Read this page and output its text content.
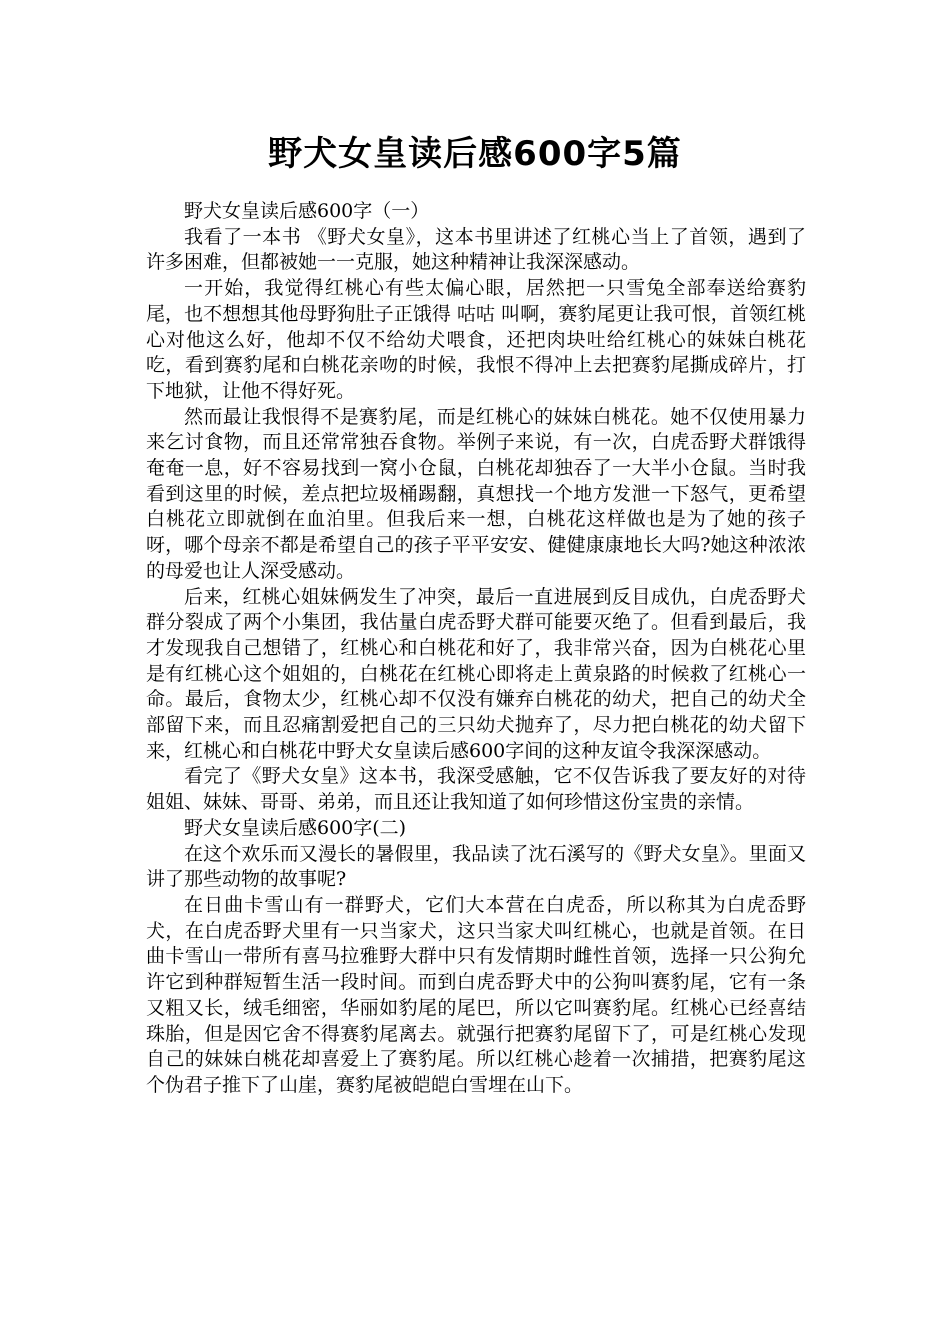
野犬女皇读后感600字5篇

野犬女皇读后感600字（一）

我看了一本书 《野犬女皇》，这本书里讲述了红桃心当上了首领，遇到了许多困难，但都被她一一克服，她这种精神让我深深感动。

一开始，我觉得红桃心有些太偏心眼，居然把一只雪兔全部奉送给赛豹尾，也不想想其他母野狗肚子正饿得 咕咕 叫啊，赛豹尾更让我可恨，首领红桃心对他这么好，他却不仅不给幼犬喂食，还把肉块吐给红桃心的妹妹白桃花吃，看到赛豹尾和白桃花亲吻的时候，我恨不得冲上去把赛豹尾撕成碎片，打下地狱，让他不得好死。

然而最让我恨得不是赛豹尾，而是红桃心的妹妹白桃花。她不仅使用暴力来乞讨食物，而且还常常独吞食物。举例子来说，有一次，白虎岙野犬群饿得奄奄一息，好不容易找到一窝小仓鼠，白桃花却独吞了一大半小仓鼠。当时我看到这里的时候，差点把垃圾桶踢翻，真想找一个地方发泄一下怒气，更希望白桃花立即就倒在血泊里。但我后来一想，白桃花这样做也是为了她的孩子呀，哪个母亲不都是希望自己的孩子平平安安、健健康康地长大吗?她这种浓浓的母爱也让人深受感动。

后来，红桃心姐妹俩发生了冲突，最后一直进展到反目成仇，白虎岙野犬群分裂成了两个小集团，我估量白虎岙野犬群可能要灭绝了。但看到最后，我才发现我自己想错了，红桃心和白桃花和好了，我非常兴奋，因为白桃花心里是有红桃心这个姐姐的，白桃花在红桃心即将走上黄泉路的时候救了红桃心一命。最后，食物太少，红桃心却不仅没有嫌弃白桃花的幼犬，把自己的幼犬全部留下来，而且忍痛割爱把自己的三只幼犬抛弃了，尽力把白桃花的幼犬留下来，红桃心和白桃花中野犬女皇读后感600字间的这种友谊令我深深感动。

看完了《野犬女皇》这本书，我深受感触，它不仅告诉我了要友好的对待姐姐、妹妹、哥哥、弟弟，而且还让我知道了如何珍惜这份宝贵的亲情。

野犬女皇读后感600字(二)

在这个欢乐而又漫长的暑假里，我品读了沈石溪写的《野犬女皇》。里面又讲了那些动物的故事呢?

在日曲卡雪山有一群野犬，它们大本营在白虎岙，所以称其为白虎岙野犬，在白虎岙野犬里有一只当家犬，这只当家犬叫红桃心，也就是首领。在日曲卡雪山一带所有喜马拉雅野大群中只有发情期时雌性首领，选择一只公狗允许它到种群短暂生活一段时间。而到白虎岙野犬中的公狗叫赛豹尾，它有一条又粗又长，绒毛细密，华丽如豹尾的尾巴，所以它叫赛豹尾。红桃心已经喜结珠胎，但是因它舍不得赛豹尾离去。就强行把赛豹尾留下了，可是红桃心发现自己的妹妹白桃花却喜爱上了赛豹尾。所以红桃心趁着一次捕措，把赛豹尾这个伪君子推下了山崖，赛豹尾被皑皑白雪埋在山下。
